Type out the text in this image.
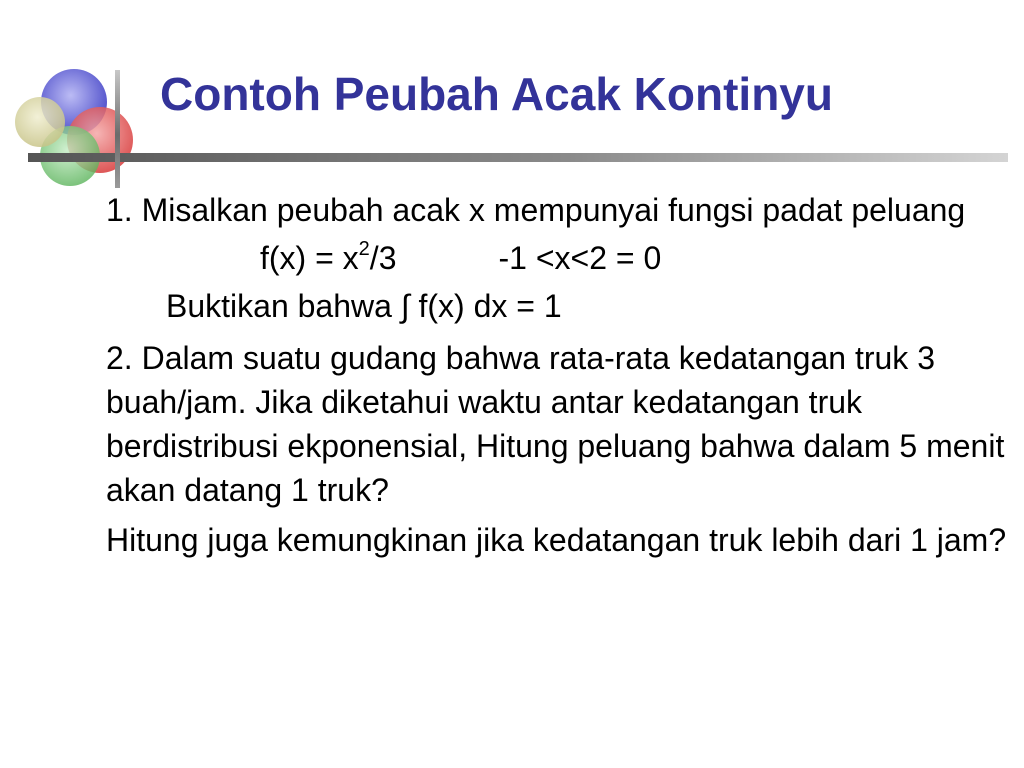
Contoh Peubah Acak Kontinyu

1. Misalkan peubah acak x mempunyai fungsi padat peluang

$f(x) = x^2/3$	-1 <x<2 = 0

Buktikan bahwa ∫ f(x) dx = 1

2. Dalam suatu gudang bahwa rata-rata kedatangan truk 3 buah/jam. Jika diketahui waktu antar kedatangan truk berdistribusi ekponensial, Hitung peluang bahwa dalam 5 menit akan datang 1 truk?

Hitung juga kemungkinan jika kedatangan truk lebih dari 1 jam?
